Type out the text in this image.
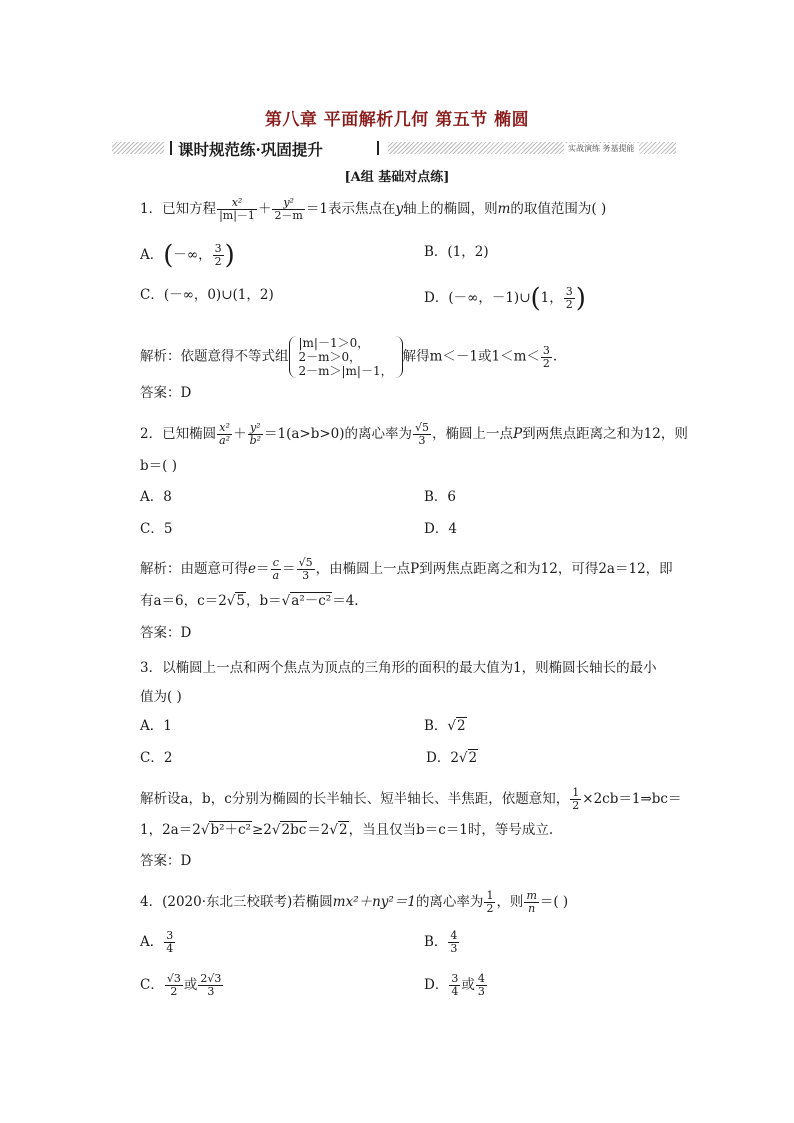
第八章 平面解析几何 第五节 椭圆
课时规范练·巩固提升	实战演练 务基提能
[A组 基础对点练]
1．已知方程 $\frac{\text{x²}}{|m|-1} + \frac{\text{y²}}{2-m} =1$表示焦点在y轴上的椭圆，则m的取值范围为( )
A．(－∞， $\frac{3}{2}$ )	B．(1，2)
C．(－∞，0)∪(1，2)	D．(－∞，－1)∪(1， $\frac{3}{2}$ )
解析：依题意得不等式组
|m|－1＞0，
2－m＞0，
2－m＞|m|－1，
解得m＜－1或$1<m< \frac{3}{2}$ .
答案：D
2．已知椭圆 $\frac{\text{x²}}{\text{a²}} + \frac{\text{y²}}{\text{b²}} =1(a>b>0)$的离心率为 $\frac{√5}{3}$ ，椭圆上一点P到两焦点距离之和为12，则
b＝( )
A．8	B．6
C．5	D．4
解析：由题意可得$e= \frac{c}{a} = \frac{√5}{3}$ ，由椭圆上一点P到两焦点距离之和为12，可得2a＝12，即
有a＝6，c＝2√5，b＝√a²－c²＝4.
答案：D
3．以椭圆上一点和两个焦点为顶点的三角形的面积的最大值为1，则椭圆长轴长的最小
值为( )
A．1	B．√2
C．2	D．2√2
解析设a，b，c分别为椭圆的长半轴长、短半轴长、半焦距，依题意知， $\frac{1}{2}$ ×2cb＝1⇒bc＝
1，2a＝2√b²＋c²≥2√2bc＝2√2，当且仅当b＝c＝1时，等号成立.
答案：D
4．(2020·东北三校联考)若椭圆mx²＋ny²＝1的离心率为 $\frac{1}{2}$ ，则 $\frac{m}{n}$ ＝( )
A． $\frac{3}{4}$	B． $\frac{4}{3}$
C． $\frac{√3}{2}$ 或 $\frac{2√3}{3}$	D． $\frac{3}{4}$ 或 $\frac{4}{3}$
